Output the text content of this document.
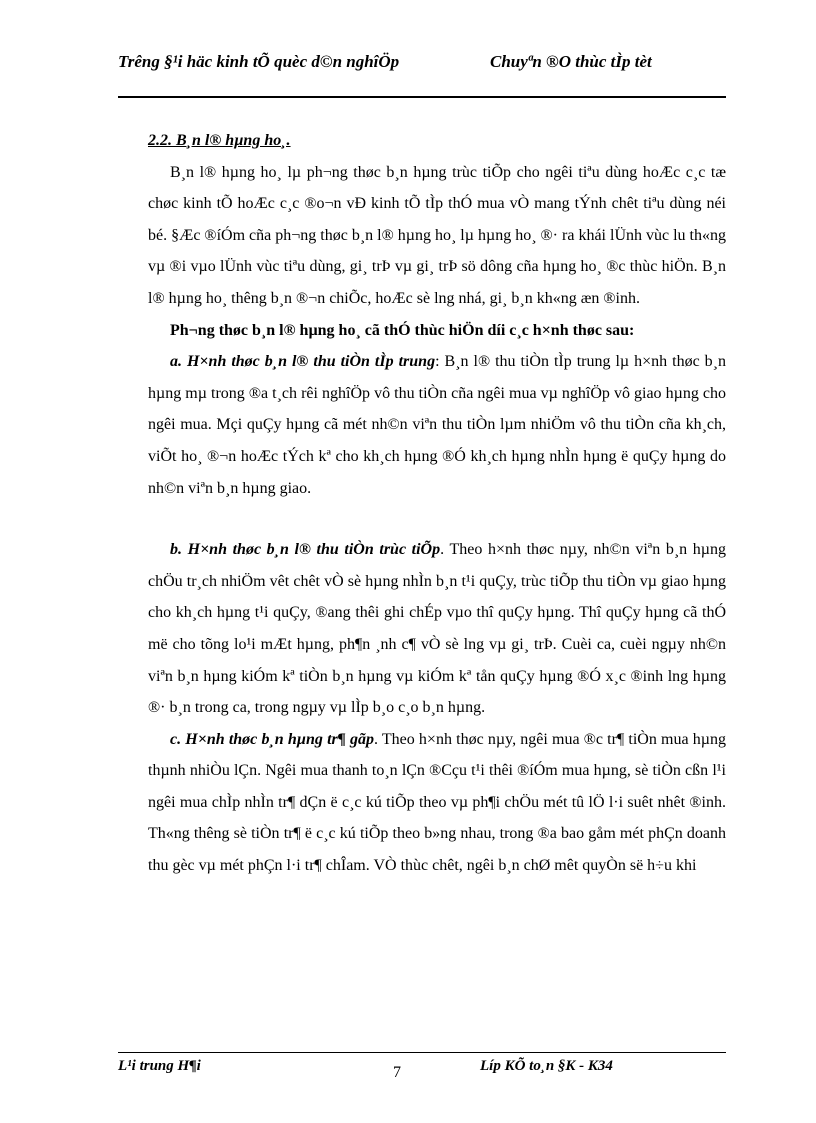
Trêng §¹i häc kinh tÕ quèc d©n nghîÖp	Chuyªn ®O thùc tÌp tèt

2.2. B¸n l® hµng ho¸.

B¸n l® hµng ho¸ lµ ph¬ng thøc b¸n hµng trùc tiÕp cho ngêi tiªu dùng hoÆc c¸c tæ chøc kinh tÕ hoÆc c¸c ®o¬n vÐ kinh tÕ tÌp thÓ mua vÒ mang tÝnh chêt tiªu dùng néi bé. §Æc ®íÓm cña ph¬ng thøc b¸n l® hµng ho¸ lµ hµng ho¸ ®· ra khái lÜnh vùc lu th«ng vµ ®i vµo lÜnh vùc tiªu dùng, gi¸ trÞ vµ gi¸ trÞ sö dông cña hµng ho¸ ®c thùc hiÖn. B¸n l® hµng ho¸ thêng b¸n ®¬n chiÕc, hoÆc sè lng nhá, gi¸ b¸n kh«ng æn ®inh.

Ph¬ng thøc b¸n l® hµng ho¸ cã thÓ thùc hiÖn díi c¸c h×nh thøc sau:

a. H×nh thøc b¸n l® thu tiÒn tÌp trung: B¸n l® thu tiÒn tÌp trung lµ h×nh thøc b¸n hµng mµ trong ®a t¸ch rêi nghîÖp vô thu tiÒn cña ngêi mua vµ nghîÖp vô giao hµng cho ngêi mua. Mçi quÇy hµng cã mét nh©n viªn thu tiÒn lµm nhiÖm vô thu tiÒn cña kh¸ch, viÕt ho¸ ®¬n hoÆc tÝch kª cho kh¸ch hµng ®Ó kh¸ch hµng nhÌn hµng ë quÇy hµng do nh©n viªn b¸n hµng giao.

b. H×nh thøc b¸n l® thu tiÒn trùc tiÕp. Theo h×nh thøc nµy, nh©n viªn b¸n hµng chÖu tr¸ch nhiÖm vêt chêt vÒ sè hµng nhÌn b¸n t¹i quÇy, trùc tiÕp thu tiÒn vµ giao hµng cho kh¸ch hµng t¹i quÇy, ®ang thêi ghi chÉp vµo thî quÇy hµng. Thî quÇy hµng cã thÓ më cho tõng lo¹i mÆt hµng, ph¶n ¸nh c¶ vÒ sè lng vµ gi¸ trÞ. Cuèi ca, cuèi ngµy nh©n viªn b¸n hµng kiÓm kª tiÒn b¸n hµng vµ kiÓm kª tån quÇy hµng ®Ó x¸c ®inh lng hµng ®· b¸n trong ca, trong ngµy vµ lÌp b¸o c¸o b¸n hµng.

c. H×nh thøc b¸n hµng tr¶ gãp. Theo h×nh thøc nµy, ngêi mua ®c tr¶ tiÒn mua hµng thµnh nhiÒu lÇn. Ngêi mua thanh to¸n lÇn ®Cçu t¹i thêi ®íÓm mua hµng, sè tiÒn cßn l¹i ngêi mua chÌp nhÌn tr¶ dÇn ë c¸c kú tiÕp theo vµ ph¶i chÖu mét tû lÖ l·i suêt nhêt ®inh. Th«ng thêng sè tiÒn tr¶ ë c¸c kú tiÕp theo b»ng nhau, trong ®a bao gåm mét phÇn doanh thu gèc vµ mét phÇn l·i tr¶ chÎam. VÒ thùc chêt, ngêi b¸n chØ mêt quyÒn së h÷u khi

L¹i trung H¶i	7	Líp KÕ to¸n §K - K34
